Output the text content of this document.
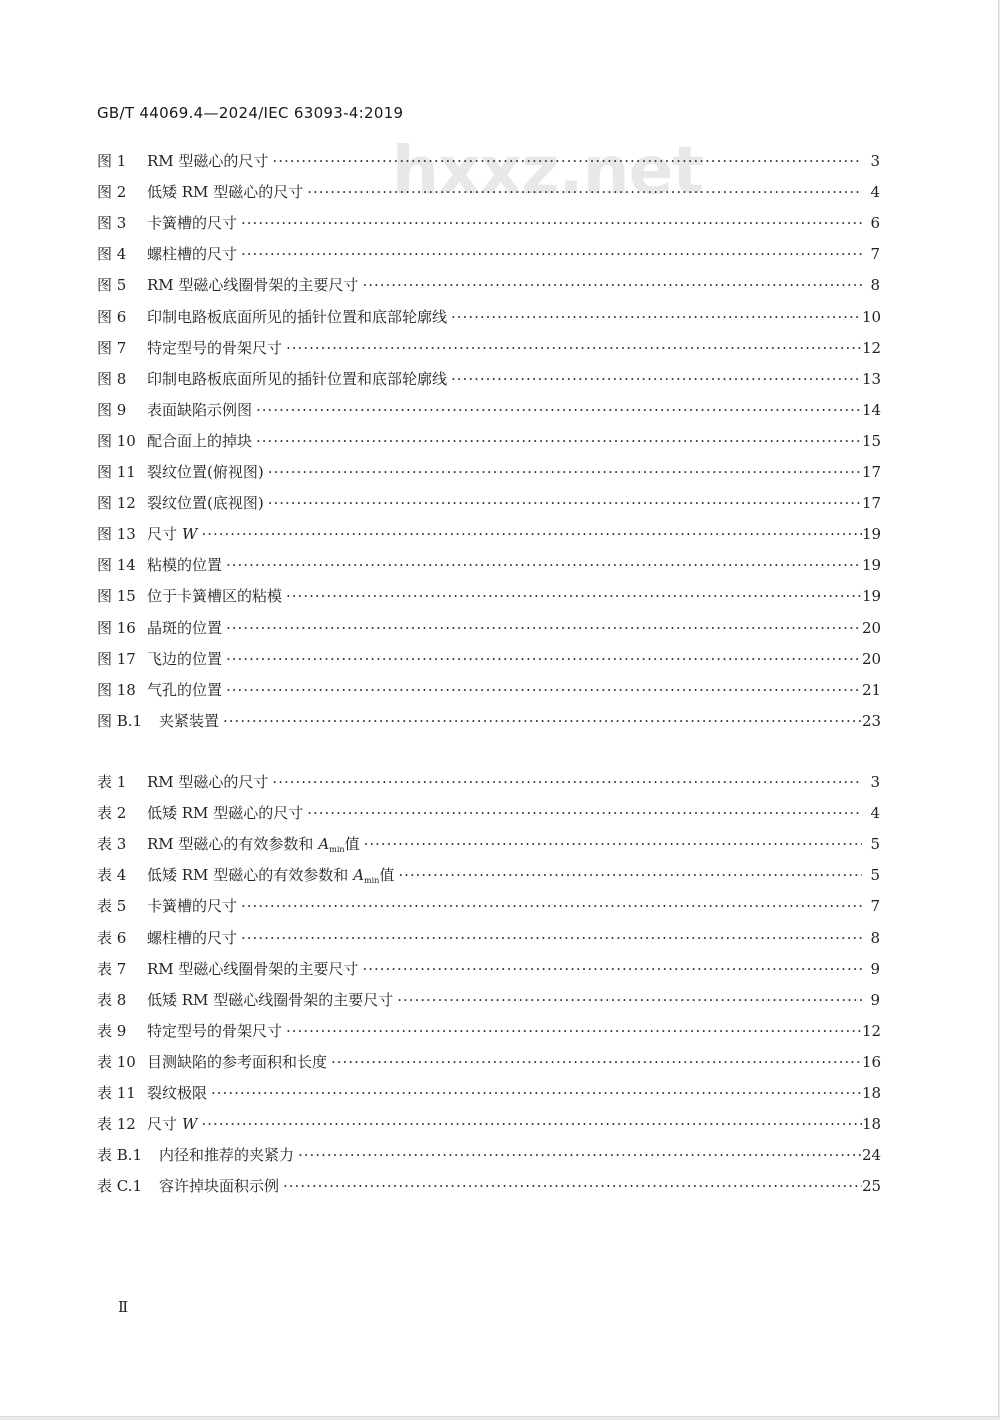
GB/T 44069.4—2024/IEC 63093-4:2019
hxxz.net
图 1	RM 型磁心的尺寸 ·····	3
图 2	低矮 RM 型磁心的尺寸 ·····	4
图 3	卡簧槽的尺寸 ·····	6
图 4	螺柱槽的尺寸 ·····	7
图 5	RM 型磁心线圈骨架的主要尺寸 ·····	8
图 6	印制电路板底面所见的插针位置和底部轮廓线 ·····	10
图 7	特定型号的骨架尺寸 ·····	12
图 8	印制电路板底面所见的插针位置和底部轮廓线 ·····	13
图 9	表面缺陷示例图 ·····	14
图 10 配合面上的掉块 ·····	15
图 11 裂纹位置(俯视图) ·····	17
图 12 裂纹位置(底视图) ·····	17
图 13 尺寸 W ·····	19
图 14 粘模的位置 ·····	19
图 15 位于卡簧槽区的粘模 ·····	19
图 16 晶斑的位置 ·····	20
图 17 飞边的位置 ·····	20
图 18 气孔的位置 ·····	21
图 B.1	夹紧装置 ·····	23
表 1	RM 型磁心的尺寸 ·····	3
表 2	低矮 RM 型磁心的尺寸 ·····	4
表 3	RM 型磁心的有效参数和 $A_{min}$值 ·····	5
表 4	低矮 RM 型磁心的有效参数和 $A_{min}$值 ·····	5
表 5	卡簧槽的尺寸 ·····	7
表 6	螺柱槽的尺寸 ·····	8
表 7	RM 型磁心线圈骨架的主要尺寸 ·····	9
表 8	低矮 RM 型磁心线圈骨架的主要尺寸 ·····	9
表 9	特定型号的骨架尺寸 ·····	12
表 10 目测缺陷的参考面积和长度 ·····	16
表 11 裂纹极限 ·····	18
表 12 尺寸 W ·····	18
表 B.1	内径和推荐的夹紧力 ·····	24
表 C.1	容许掉块面积示例 ·····	25
Ⅱ
